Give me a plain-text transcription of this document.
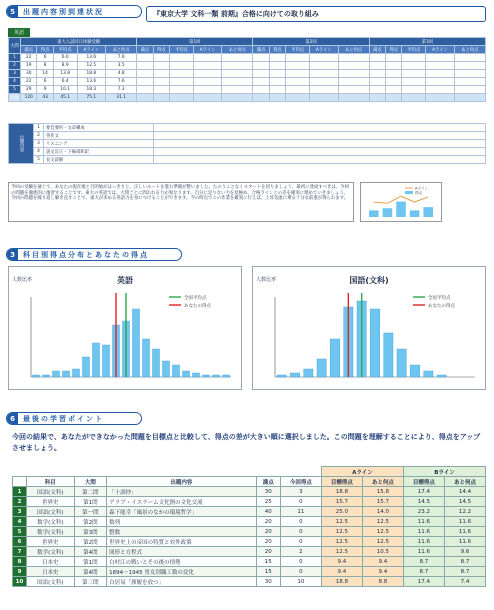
5	出題内容別到達状況	『東京大学 文科一類 前期』合格に向けての取り組み
英語
大問	東大入試同日体験受験					第1回					第2回					第3回				
	満点	得点	平均点	Aライン	あと何点	満点	得点	平均点	Aライン	あと何点	満点	得点	平均点	Aライン	あと何点	満点	得点	平均点	Aライン	あと何点
1	22	6	6.0	13.6	7.6															
2	19	8	8.9	12.5	3.5															
3	30	14	13.8	18.8	4.8															
4	22	6	6.4	13.6	7.6															
5	29	9	10.1	18.3	7.3															
合計	120	43	45.1	75.1	31.1															
出題内容	1	要旨要約・文章構成	
	2	英作文	
	3	リスニング	
	4	誤文訂正・下線部和訳	
	5	長文読解	
今回の受験を通じて、あなたの現在地と目的地がはっきりと、正しいルートを進む準備が整いました。たのうことなくスタートを切りましょう。最初に達成すべきは、今回の問題を徹底的に復習することです。東大の英語では、大問ごとに問われる力が異なります。自分に足りない力を見極め、合格ラインとの差を確実に埋めていきましょう。今回の問題を繰り返し解き直すことで、東大が求める英語力を身につけることができます。今の時点でこの作業を確実に行えば、上昇気流に乗る十分な前進が得られます。
Aライン
得点
3	科目別得点分布とあなたの得点
英語
人数比率
全国平均点
あなたの得点
国語(文科)
人数比率
全国平均点
あなたの得点
6	最後の学習ポイント
今回の結果で、あなたができなかった問題を目標点と比較して、得点の差が大きい順に選択しました。この問題を理解することにより、得点をアップさせましょう。
						Aライン		Bライン	
	科目	大問	出題内容	満点	今回得点	目標得点	あと何点	目標得点	あと何点
1	国語(文科)	第二問	「十訓抄」	30	3	18.8	15.8	17.4	14.4
2	世界史	第1問	アラブ・イスラーム文化圏の文化交流	25	0	15.7	15.7	14.5	14.5
3	国語(文科)	第一問	森下能幸「風景のなかの環境哲学」	40	11	25.0	14.0	23.2	12.2
4	数学(文科)	第2問	数列	20	0	12.5	12.5	11.6	11.6
5	数学(文科)	第3問	整数	20	0	12.5	12.5	11.6	11.6
6	世界史	第2問	世界史上の帝国の特質と対外政策	20	0	12.5	12.5	11.6	11.6
7	数学(文科)	第4問	図形と方程式	20	2	12.5	10.5	11.6	9.6
8	日本史	第1問	白村江の戦いとその後の情勢	15	0	9.4	9.4	8.7	8.7
9	日本史	第4問	1894～1945 男女別職工数の変化	15	0	9.4	9.4	8.7	8.7
10	国語(文科)	第三問	白居易「旗履を放つ」	30	10	18.8	8.8	17.4	7.4
